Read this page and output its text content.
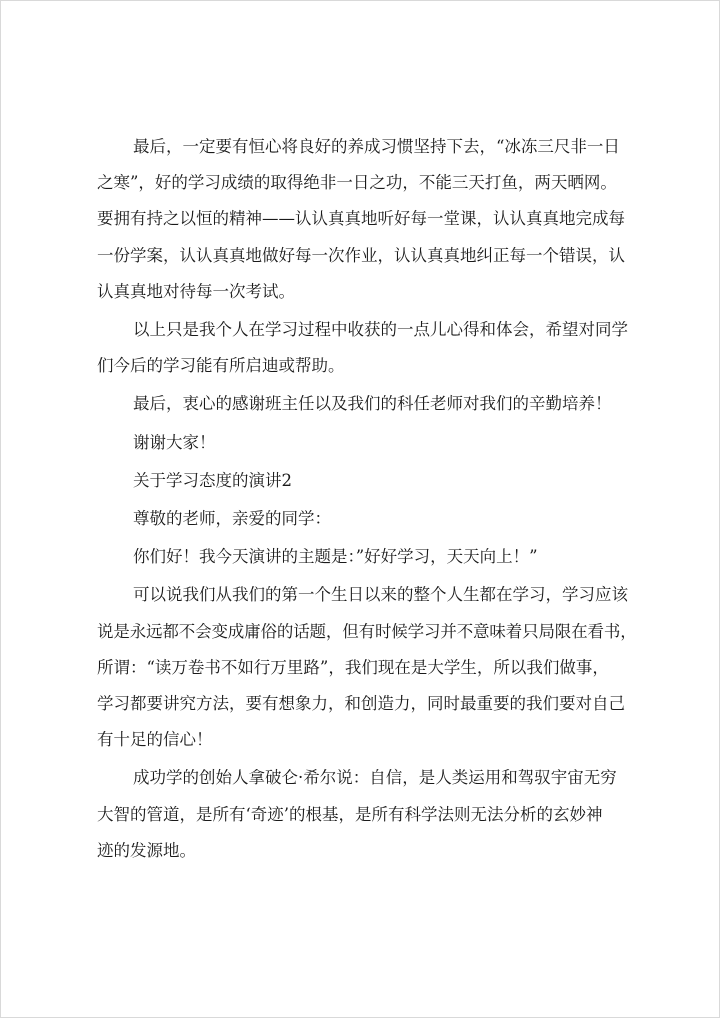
最后，一定要有恒心将良好的养成习惯坚持下去，“冰冻三尺非一日
之寒”，好的学习成绩的取得绝非一日之功，不能三天打鱼，两天晒网。
要拥有持之以恒的精神——认认真真地听好每一堂课，认认真真地完成每
一份学案，认认真真地做好每一次作业，认认真真地纠正每一个错误，认
认真真地对待每一次考试。
以上只是我个人在学习过程中收获的一点儿心得和体会，希望对同学
们今后的学习能有所启迪或帮助。
最后，衷心的感谢班主任以及我们的科任老师对我们的辛勤培养！
谢谢大家！
关于学习态度的演讲2
尊敬的老师，亲爱的同学：
你们好！我今天演讲的主题是：”好好学习，天天向上！”
可以说我们从我们的第一个生日以来的整个人生都在学习，学习应该
说是永远都不会变成庸俗的话题，但有时候学习并不意味着只局限在看书，
所谓：“读万卷书不如行万里路”，我们现在是大学生，所以我们做事，
学习都要讲究方法，要有想象力，和创造力，同时最重要的我们要对自己
有十足的信心！
成功学的创始人拿破仑·希尔说：自信，是人类运用和驾驭宇宙无穷
大智的管道，是所有‘奇迹’的根基，是所有科学法则无法分析的玄妙神
迹的发源地。
